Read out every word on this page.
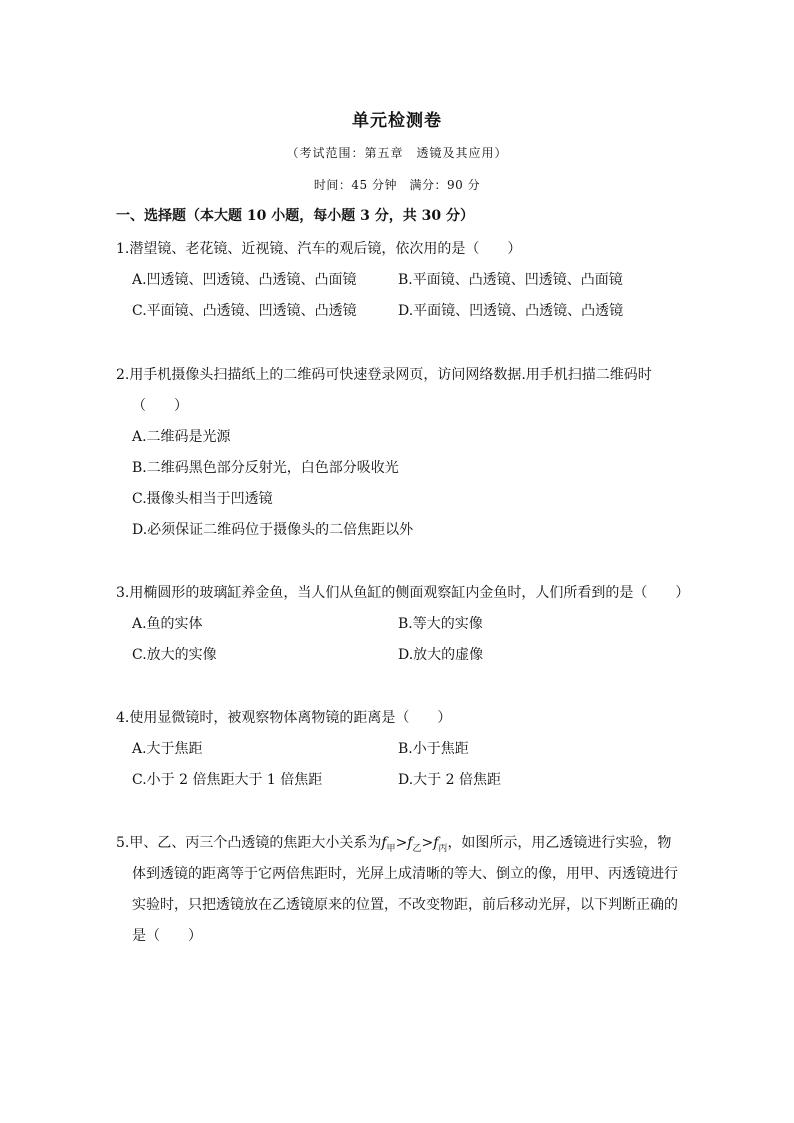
单元检测卷
（考试范围：第五章　透镜及其应用）
时间：45 分钟　满分：90 分
一、选择题（本大题 10 小题，每小题 3 分，共 30 分）
1.潜望镜、老花镜、近视镜、汽车的观后镜，依次用的是（　　）
A.凹透镜、凹透镜、凸透镜、凸面镜	B.平面镜、凸透镜、凹透镜、凸面镜
C.平面镜、凸透镜、凹透镜、凸透镜	D.平面镜、凹透镜、凸透镜、凸透镜
2.用手机摄像头扫描纸上的二维码可快速登录网页，访问网络数据.用手机扫描二维码时
（　　）
A.二维码是光源
B.二维码黑色部分反射光，白色部分吸收光
C.摄像头相当于凹透镜
D.必须保证二维码位于摄像头的二倍焦距以外
3.用椭圆形的玻璃缸养金鱼，当人们从鱼缸的侧面观察缸内金鱼时，人们所看到的是（　　）
A.鱼的实体	B.等大的实像
C.放大的实像	D.放大的虚像
4.使用显微镜时，被观察物体离物镜的距离是（　　）
A.大于焦距	B.小于焦距
C.小于 2 倍焦距大于 1 倍焦距	D.大于 2 倍焦距
5.甲、乙、丙三个凸透镜的焦距大小关系为$f_甲>f_乙>f_丙$，如图所示，用乙透镜进行实验，物
体到透镜的距离等于它两倍焦距时，光屏上成清晰的等大、倒立的像，用甲、丙透镜进行
实验时，只把透镜放在乙透镜原来的位置，不改变物距，前后移动光屏，以下判断正确的
是（　　）
